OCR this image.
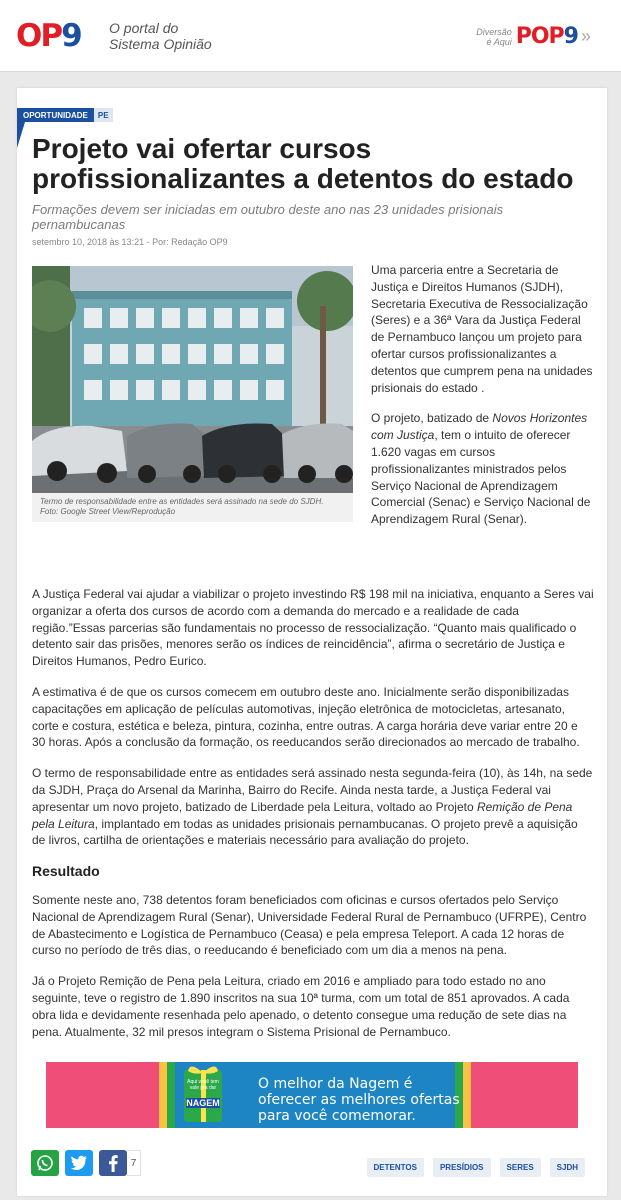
OP 9 O portal do
Sistema Opinião
Diversão
é Aqui POP9 »
OPORTUNIDADE	PE
Projeto vai ofertar cursos profissionalizantes a detentos do estado
Formações devem ser iniciadas em outubro deste ano nas 23 unidades prisionais pernambucanas
setembro 10, 2018 às 13:21 - Por: Redação OP9
Termo de responsabilidade entre as entidades será assinado na sede do SJDH.
Foto: Google Street View/Reprodução

Uma parceria entre a Secretaria de Justiça e Direitos Humanos (SJDH), Secretaria Executiva de Ressocialização (Seres) e a 36ª Vara da Justiça Federal de Pernambuco lançou um projeto para ofertar cursos profissionalizantes a detentos que cumprem pena na unidades prisionais do estado .

O projeto, batizado de Novos Horizontes com Justiça, tem o intuito de oferecer 1.620 vagas em cursos profissionalizantes ministrados pelos Serviço Nacional de Aprendizagem Comercial (Senac) e Serviço Nacional de Aprendizagem Rural (Senar).

A Justiça Federal vai ajudar a viabilizar o projeto investindo R$ 198 mil na iniciativa, enquanto a Seres vai organizar a oferta dos cursos de acordo com a demanda do mercado e a realidade de cada região.”Essas parcerias são fundamentais no processo de ressocialização. “Quanto mais qualificado o detento sair das prisões, menores serão os índices de reincidência”, afirma o secretário de Justiça e Direitos Humanos, Pedro Eurico.

A estimativa é de que os cursos comecem em outubro deste ano. Inicialmente serão disponibilizadas capacitações em aplicação de películas automotivas, injeção eletrônica de motocicletas, artesanato, corte e costura, estética e beleza, pintura, cozinha, entre outras. A carga horária deve variar entre 20 e 30 horas. Após a conclusão da formação, os reeducandos serão direcionados ao mercado de trabalho.

O termo de responsabilidade entre as entidades será assinado nesta segunda-feira (10), às 14h, na sede da SJDH, Praça do Arsenal da Marinha, Bairro do Recife. Ainda nesta tarde, a Justiça Federal vai apresentar um novo projeto, batizado de Liberdade pela Leitura, voltado ao Projeto Remição de Pena pela Leitura, implantado em todas as unidades prisionais pernambucanas. O projeto prevê a aquisição de livros, cartilha de orientações e materiais necessário para avaliação do projeto.

Resultado

Somente neste ano, 738 detentos foram beneficiados com oficinas e cursos ofertados pelo Serviço Nacional de Aprendizagem Rural (Senar), Universidade Federal Rural de Pernambuco (UFRPE), Centro de Abastecimento e Logística de Pernambuco (Ceasa) e pela empresa Teleport. A cada 12 horas de curso no período de três dias, o reeducando é beneficiado com um dia a menos na pena.

Já o Projeto Remição de Pena pela Leitura, criado em 2016 e ampliado para todo estado no ano seguinte, teve o registro de 1.890 inscritos na sua 10ª turma, com um total de 851 aprovados. A cada obra lida e devidamente resenhada pelo apenado, o detento consegue uma redução de sete dias na pena. Atualmente, 32 mil presos integram o Sistema Prisional de Pernambuco.

Aqui você tem vale pra dar
NAGEM
O melhor da Nagem é
oferecer as melhores ofertas
para você comemorar.
7	DETENTOS	PRESÍDIOS	SERES	SJDH
